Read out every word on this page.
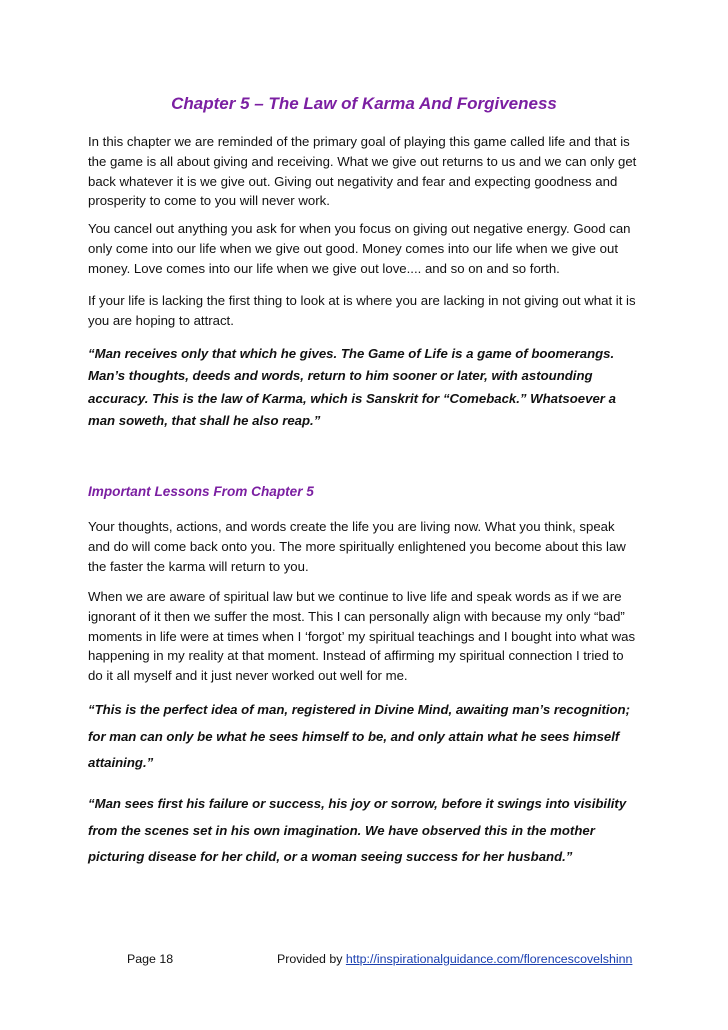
Chapter 5 – The Law of Karma And Forgiveness

In this chapter we are reminded of the primary goal of playing this game called life and that is the game is all about giving and receiving. What we give out returns to us and we can only get back whatever it is we give out. Giving out negativity and fear and expecting goodness and prosperity to come to you will never work.

You cancel out anything you ask for when you focus on giving out negative energy. Good can only come into our life when we give out good. Money comes into our life when we give out money. Love comes into our life when we give out love.... and so on and so forth.

If your life is lacking the first thing to look at is where you are lacking in not giving out what it is you are hoping to attract.

“Man receives only that which he gives. The Game of Life is a game of boomerangs. Man’s thoughts, deeds and words, return to him sooner or later, with astounding accuracy. This is the law of Karma, which is Sanskrit for “Comeback.” Whatsoever a man soweth, that shall he also reap.”

Important Lessons From Chapter 5

Your thoughts, actions, and words create the life you are living now. What you think, speak and do will come back onto you. The more spiritually enlightened you become about this law the faster the karma will return to you.

When we are aware of spiritual law but we continue to live life and speak words as if we are ignorant of it then we suffer the most. This I can personally align with because my only “bad” moments in life were at times when I ‘forgot’ my spiritual teachings and I bought into what was happening in my reality at that moment. Instead of affirming my spiritual connection I tried to do it all myself and it just never worked out well for me.

“This is the perfect idea of man, registered in Divine Mind, awaiting man’s recognition; for man can only be what he sees himself to be, and only attain what he sees himself attaining.”

“Man sees first his failure or success, his joy or sorrow, before it swings into visibility from the scenes set in his own imagination. We have observed this in the mother picturing disease for her child, or a woman seeing success for her husband.”

Page 18	Provided by http://inspirationalguidance.com/florencescovelshinn
